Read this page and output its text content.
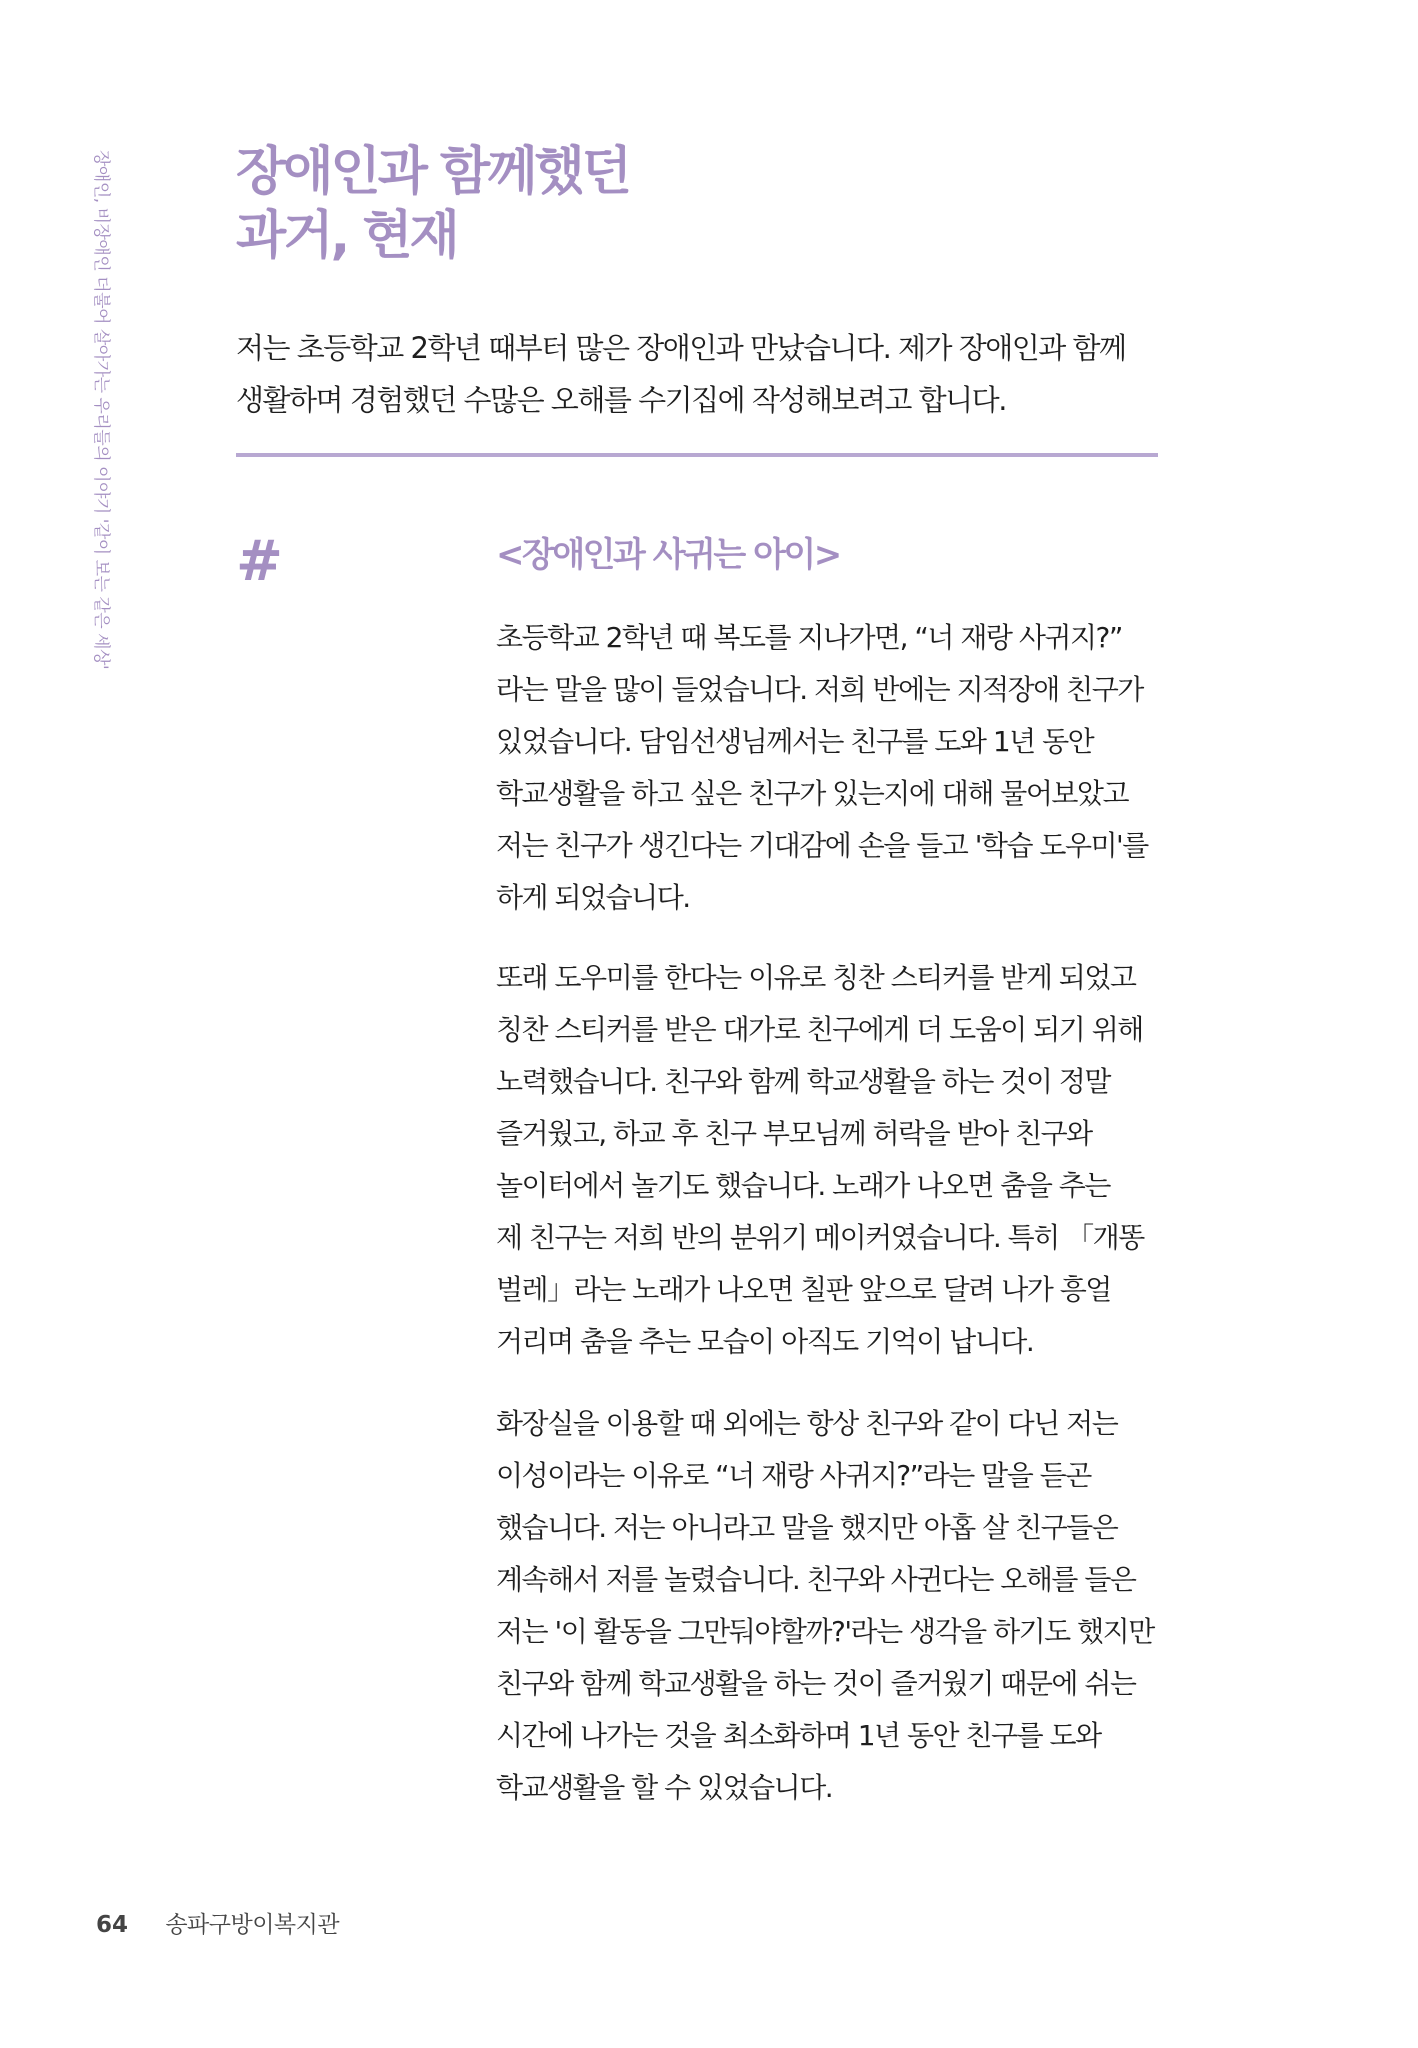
장애인, 비장애인 더불어 살아가는 우리들의 이야기 '같이 보는 같은 세상' 장애인과 함께했던
과거, 현재

저는 초등학교 2학년 때부터 많은 장애인과 만났습니다. 제가 장애인과 함께
생활하며 경험했던 수많은 오해를 수기집에 작성해보려고 합니다.

#	<장애인과 사귀는 아이>
초등학교 2학년 때 복도를 지나가면, “너 재랑 사귀지?”
라는 말을 많이 들었습니다. 저희 반에는 지적장애 친구가
있었습니다. 담임선생님께서는 친구를 도와 1년 동안
학교생활을 하고 싶은 친구가 있는지에 대해 물어보았고
저는 친구가 생긴다는 기대감에 손을 들고 '학습 도우미'를
하게 되었습니다.
또래 도우미를 한다는 이유로 칭찬 스티커를 받게 되었고
칭찬 스티커를 받은 대가로 친구에게 더 도움이 되기 위해
노력했습니다. 친구와 함께 학교생활을 하는 것이 정말
즐거웠고, 하교 후 친구 부모님께 허락을 받아 친구와
놀이터에서 놀기도 했습니다. 노래가 나오면 춤을 추는
제 친구는 저희 반의 분위기 메이커였습니다. 특히 「개똥
벌레」라는 노래가 나오면 칠판 앞으로 달려 나가 흥얼
거리며 춤을 추는 모습이 아직도 기억이 납니다.
화장실을 이용할 때 외에는 항상 친구와 같이 다닌 저는
이성이라는 이유로 “너 재랑 사귀지?”라는 말을 듣곤
했습니다. 저는 아니라고 말을 했지만 아홉 살 친구들은
계속해서 저를 놀렸습니다. 친구와 사귄다는 오해를 들은
저는 '이 활동을 그만둬야할까?'라는 생각을 하기도 했지만
친구와 함께 학교생활을 하는 것이 즐거웠기 때문에 쉬는
시간에 나가는 것을 최소화하며 1년 동안 친구를 도와
학교생활을 할 수 있었습니다.
64 송파구방이복지관
